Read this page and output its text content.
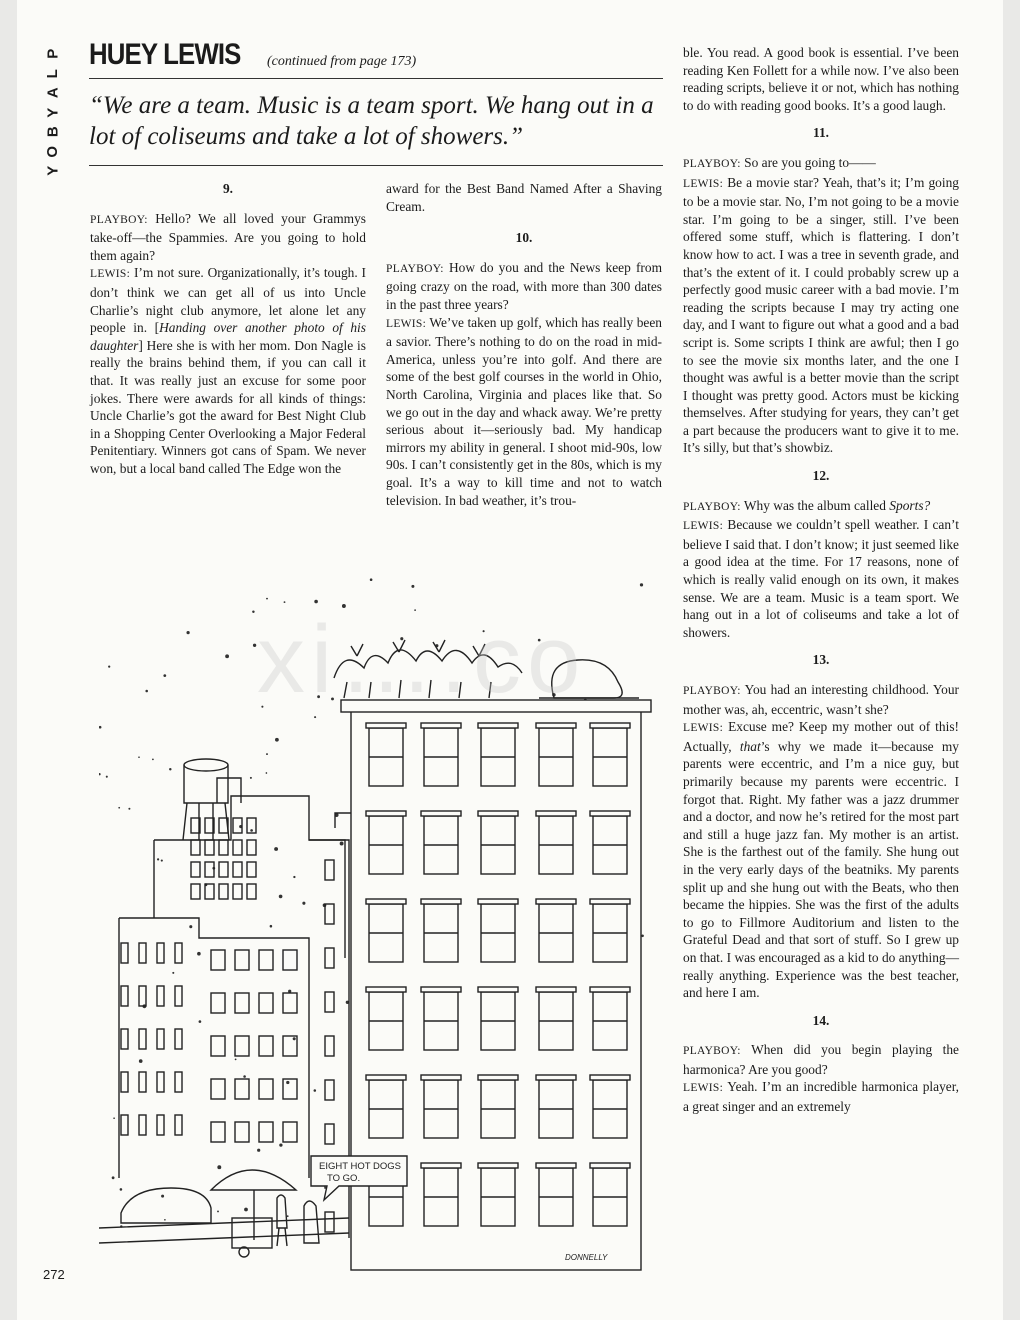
P
L
A
Y
B
O
Y
HUEY LEWIS (continued from page 173)
“We are a team. Music is a team sport. We hang out in a lot of coliseums and take a lot of showers.”

9.

PLAYBOY: Hello? We all loved your Grammys take-off—the Spammies. Are you going to hold them again?

LEWIS: I’m not sure. Organizationally, it’s tough. I don’t think we can get all of us into Uncle Charlie’s night club anymore, let alone let any people in. [Handing over another photo of his daughter] Here she is with her mom. Don Nagle is really the brains behind them, if you can call it that. It was really just an excuse for some poor jokes. There were awards for all kinds of things: Uncle Charlie’s got the award for Best Night Club in a Shopping Center Overlooking a Major Federal Penitentiary. Winners got cans of Spam. We never won, but a local band called The Edge won the

award for the Best Band Named After a Shaving Cream.

10.

PLAYBOY: How do you and the News keep from going crazy on the road, with more than 300 dates in the past three years?

LEWIS: We’ve taken up golf, which has really been a savior. There’s nothing to do on the road in mid-America, unless you’re into golf. And there are some of the best golf courses in the world in Ohio, North Carolina, Virginia and places like that. So we go out in the day and whack away. We’re pretty serious about it—seriously bad. My handicap mirrors my ability in general. I shoot mid-90s, low 90s. I can’t consistently get in the 80s, which is my goal. It’s a way to kill time and not to watch television. In bad weather, it’s trou-

ble. You read. A good book is essential. I’ve been reading Ken Follett for a while now. I’ve also been reading scripts, believe it or not, which has nothing to do with reading good books. It’s a good laugh.

11.

PLAYBOY: So are you going to——

LEWIS: Be a movie star? Yeah, that’s it; I’m going to be a movie star. No, I’m not going to be a movie star. I’m going to be a singer, still. I’ve been offered some stuff, which is flattering. I don’t know how to act. I was a tree in seventh grade, and that’s the extent of it. I could probably screw up a perfectly good music career with a bad movie. I’m reading the scripts because I may try acting one day, and I want to figure out what a good and a bad script is. Some scripts I think are awful; then I go to see the movie six months later, and the one I thought was awful is a better movie than the script I thought was pretty good. Actors must be kicking themselves. After studying for years, they can’t get a part because the producers want to give it to me. It’s silly, but that’s showbiz.

12.

PLAYBOY: Why was the album called Sports?

LEWIS: Because we couldn’t spell weather. I can’t believe I said that. I don’t know; it just seemed like a good idea at the time. For 17 reasons, none of which is really valid enough on its own, it makes sense. We are a team. Music is a team sport. We hang out in a lot of coliseums and take a lot of showers.

13.

PLAYBOY: You had an interesting childhood. Your mother was, ah, eccentric, wasn’t she?

LEWIS: Excuse me? Keep my mother out of this! Actually, that’s why we made it—because my parents were eccentric, and I’m a nice guy, but primarily because my parents were eccentric. I forgot that. Right. My father was a jazz drummer and a doctor, and now he’s retired for the most part and still a huge jazz fan. My mother is an artist. She is the farthest out of the family. She hung out in the very early days of the beatniks. My parents split up and she hung out with the Beats, who then became the hippies. She was the first of the adults to go to Fillmore Auditorium and listen to the Grateful Dead and that sort of stuff. So I grew up on that. I was encouraged as a kid to do anything—really anything. Experience was the best teacher, and here I am.

14.

PLAYBOY: When did you begin playing the harmonica? Are you good?

LEWIS: Yeah. I’m an incredible harmonica player, a great singer and an extremely

EIGHT HOT DOGS
TO GO.
DONNELLY
xi….co
272
